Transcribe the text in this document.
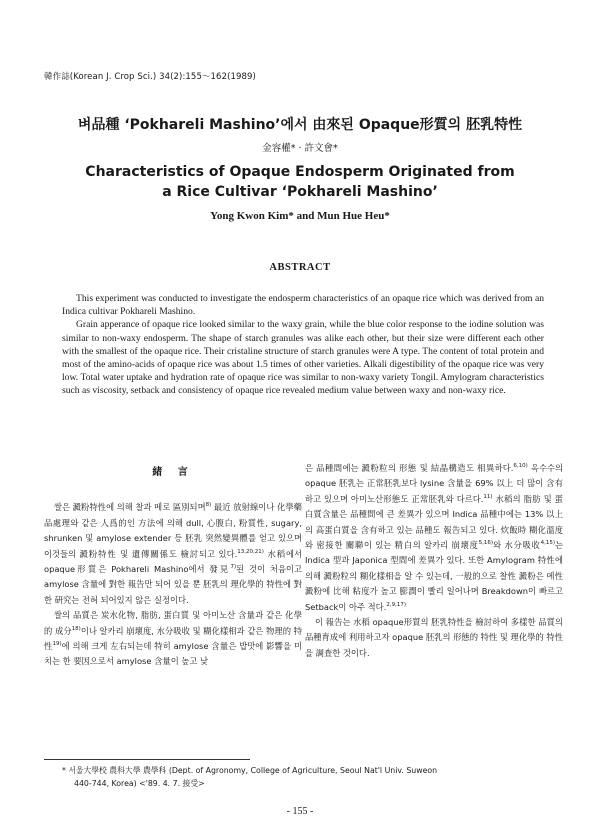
韓作誌(Korean J. Crop Sci.) 34(2):155～162(1989)
벼品種 ‘Pokhareli Mashino’에서 由來된 Opaque形質의 胚乳特性
金容權* · 許文會*
Characteristics of Opaque Endosperm Originated from
a Rice Cultivar ‘Pokhareli Mashino’
Yong Kwon Kim* and Mun Hue Heu*
ABSTRACT

This experiment was conducted to investigate the endosperm characteristics of an opaque rice which was derived from an Indica cultivar Pokhareli Mashino.

Grain apperance of opaque rice looked similar to the waxy grain, while the blue color response to the iodine solution was similar to non-waxy endosperm. The shape of starch granules was alike each other, but their size were different each other with the smallest of the opaque rice. Their cristaline structure of starch granules were A type. The content of total protein and most of the amino-acids of opaque rice was about 1.5 times of other varieties. Alkali digestibility of the opaque rice was very low. Total water uptake and hydration rate of opaque rice was similar to non-waxy variety Tongil. Amylogram characteristics such as viscosity, setback and consistency of opaque rice revealed medium value between waxy and non-waxy rice.

緒 言

쌀은 澱粉特性에 의해 찰과 메로 區別되며$^{8)}$ 最近 放射線이나 化學藥品處理와 같은 人爲的인 方法에 의해 dull, 心腹白, 粉質性, sugary, shrunken 및 amylose extender 등 胚乳 突然變異體를 얻고 있으며 이것들의 澱粉特性 및 遺傳關係도 檢討되고 있다.$^{13,20,21)}$ 水稻에서 opaque形質은 Pokhareli Mashino에서 發見$^{7)}$된 것이 처음이고 amylose 含量에 對한 報告만 되어 있을 뿐 胚乳의 理化學的 特性에 對한 硏究는 전혀 되어있지 않은 실정이다.

쌀의 品質은 炭水化物, 脂肪, 蛋白質 및 아미노산 含量과 같은 化學的 成分$^{18)}$이나 알카리 崩壞度, 水分吸收 및 糊化樣相과 같은 物理的 特性$^{19)}$에 의해 크게 左右되는데 特히 amylose 含量은 밥맛에 影響을 미치는 한 要因으로서 amylose 含量이 높고 낮

은 品種間에는 澱粉粒의 形態 및 結晶構造도 相異하다.$^{6,10)}$ 옥수수의 opaque 胚乳는 正常胚乳보다 lysine 含量을 69% 以上 더 많이 含有하고 있으며 아미노산形態도 正常胚乳와 다르다.$^{11)}$ 水稻의 脂肪 및 蛋白質含量은 品種間에 큰 差異가 있으며 Indica 品種中에는 13% 以上의 高蛋白質을 含有하고 있는 品種도 報告되고 있다. 炊飯時 糊化溫度와 密接한 關聯이 있는 精白의 알카리 崩壞度$^{5,16)}$와 水分吸收$^{4,15)}$는 Indica 型과 Japonica 型間에 差異가 있다. 또한 Amylogram 特性에 의해 澱粉粒의 糊化樣相을 알 수 있는데, 一般的으로 찰性 澱粉은 메性 澱粉에 比해 粘度가 높고 膨潤이 빨리 일어나며 Breakdown이 빠르고 Setback이 아주 적다.$^{2,9,17)}$

이 報告는 水稻 opaque形質의 胚乳特性을 檢討하여 多樣한 品質의 品種育成에 利用하고자 opaque 胚乳의 形態的 特性 및 理化學的 特性을 調査한 것이다.

* 서울大學校 農科大學 農學科 (Dept. of Agronomy, College of Agriculture, Seoul Nat'l Univ. Suweon
440-744, Korea) <'89. 4. 7. 接受>
- 155 -
